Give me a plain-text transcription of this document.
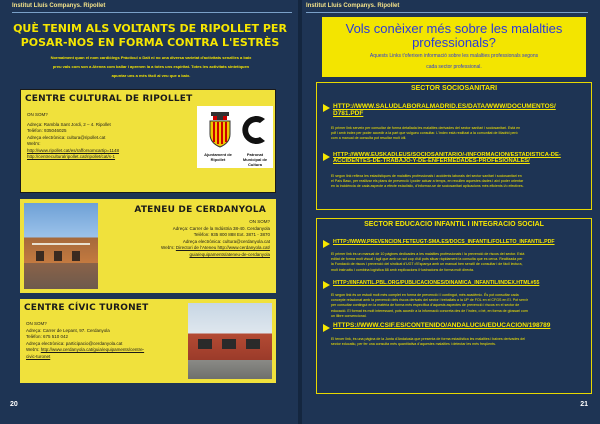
Institut Lluís Companys. Ripollet
QUÈ TENIM ALS VOLTANTS DE RIPOLLET PER
POSAR-NOS EN FORMA CONTRA L'ESTRÈS
Normalment quan el nom cardiòlegs Pràcticul o Dalt ni no una diversa varietat d'activitats senzilles a baix
preu vals com son a Atenea com ballar i aprenen la a totes uns espiritat. Totes les activitats sintetiquen
apuntar uns a més fàcil al veu que a baix.
CENTRE CULTURAL DE RIPOLLET
ON SOM?
Adreça: Rambla Sant Jordi, 2 – 4. Ripollet
Telèfon: 935046025
Adreça electrònica: cultura@ripollet.cat
Web's:
http://www.ripollet.cat/es/rafforsomcartip=1148
http://centreculturalripollet.cat/ripollet/cat/s-1	Ajuntament de Ripollet
Patronat Municipal de Cultura
ATENEU DE CERDANYOLA
ON SOM?
Adreça: Carrer de la Indústria 38-40. Cerdanyola
Telèfon: 935 800 888 Ext. 3871 - 3870
Adreça electrònica: cultura@cerdanyola.cat
Web's: Directori de l'Ateneu http://www.cerdanyola.cat/
guia/equipaments/ateneu-de-cerdanyola
CENTRE CÍVIC TURONET
ON SOM?
Adreça: Carrer de Lepant, 97. Cerdanyola
Telèfon: 675 510 042
Adreça electrònica: participacio@cerdanyola.cat
Web's: http://www.cerdanyola.cat/guia/equipaments/centre-
civic-turonet
20
Institut Lluís Companys. Ripollet
Vols conèixer més sobre les malalties
professionals?
Aquests Links t'oferixen informació sobre les malalties professionals segons
cada sector professional.
SECTOR SOCIOSANITARI
HTTP://WWW.SALUDLABORALMADRID.ES/DATA/WWW/DOCUMENTOS/
D781.PDF
El primer link serveix per consultar de forma detallada les malalties derivades del sector sanitari i sociosanitari. Està en
pdf i amb index per poder accedir a la part que vulgueu consultar. L'índex està realitzat a la comunitat de Madrid però
com a manual de consulta pot resultar molt útil.
HTTP://WWW.EUSKADI.EUS/SOCIOSANITARIO/-/INFORMACION/ESTADISTICA-DE-
ACCIDENTES-DE-TRABAJO-Y-DE-ENFERMEDADES-PROFESIONALES/
El segon link reflexa les estadístiques de malalties professionals i accidents laborals del sector sanitari i sociosanitari en
el País Basc, per realitzar els plans de prevenció i poder actuar a temps, en recullen aquestes dades i així poder orientar
en la incidència de cada aspecte a efecte estadístic, d'informar-se de sociosanitari aplicacions més eficients i/o efectives.
SECTOR EDUCACIO INFANTIL I INTEGRACIO SOCIAL
HTTP://WWW.PREVENCION.FETEUGT-SMA.ES/DOCS_INFANTIL/FOLLETO_INFANTIL.PDF
El primer link és un manual de 10 pàgines dedicades a les malalties professionals i la prevenció de riscos del sector. Està
editat de forma molt visual i àgil que amb un sol cop d'ull pots situar ràpidament la consulta que es cerca. Realitzada per
la Fundació de riscos i prevenció del sindicat d'UGT d'Espanya amb un manual ben senzill de consultar i de fàcil lectura,
molt instructiu i combina logística 88 amb explicacions il·lustracions de forma molt directa.
HTTP://INFANTIL.PBL.ORG/PUBLICACIONES/DINAMICA_INFANTIL/INDEX.HTML#55
El segon link és un estudi molt més complet en forma de prevenció i l contingut, més acadèmic. És pot consultar cada
concepte relacionat amb la prevenció dels riscos derivats del sector i treballats a la UP de FOL en el CFGS en EI. Pot servir
per consultar contingut en la matèria de forma més específica d'aquests aspectes de prevenció i riscos en el sector de
educació. El format és molt interessant, pots accedir a la informació concreta des de l'índex, o bé, en forma de glossari com
un llibre convencional.
HTTPS://WWW.CSIF.ES/CONTENIDO/ANDALUCIA/EDUCACION/198789
El tercer link, és una pàgina de la Junta d'Andalusia que presenta de forma estadística les malalties i baixes derivades del
sector educatiu, per fer una consulta més quantitativa d'aquestes malalties i detectar les més freqüents.
21
